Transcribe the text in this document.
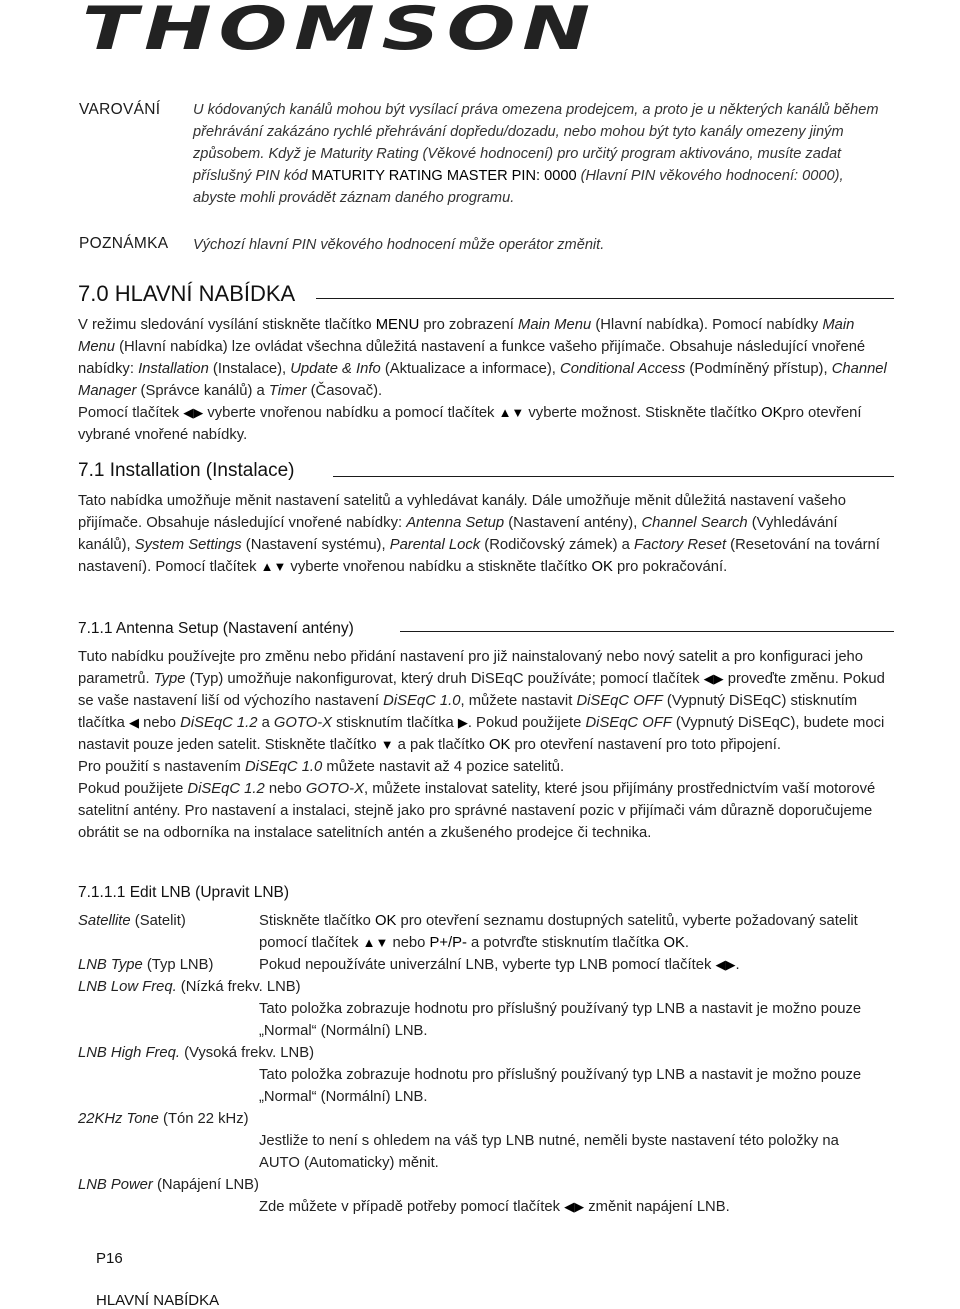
THOMSON
VAROVÁNÍ U kódovaných kanálů mohou být vysílací práva omezena prodejcem, a proto je u některých kanálů během přehrávání zakázáno rychlé přehrávání dopředu/dozadu, nebo mohou být tyto kanály omezeny jiným způsobem. Když je Maturity Rating (Věkové hodnocení) pro určitý program aktivováno, musíte zadat příslušný PIN kód MATURITY RATING MASTER PIN: 0000 (Hlavní PIN věkového hodnocení: 0000), abyste mohli provádět záznam daného programu.
POZNÁMKA Výchozí hlavní PIN věkového hodnocení může operátor změnit.
7.0 HLAVNÍ NABÍDKA

V režimu sledování vysílání stiskněte tlačítko MENU pro zobrazení Main Menu (Hlavní nabídka). Pomocí nabídky Main Menu (Hlavní nabídka) lze ovládat všechna důležitá nastavení a funkce vašeho přijímače. Obsahuje následující vnořené nabídky: Installation (Instalace), Update & Info (Aktualizace a informace), Conditional Access (Podmíněný přístup), Channel Manager (Správce kanálů) a Timer (Časovač).

Pomocí tlačítek ◀▶ vyberte vnořenou nabídku a pomocí tlačítek ▲▼ vyberte možnost. Stiskněte tlačítko OKpro otevření vybrané vnořené nabídky.

7.1 Installation (Instalace)

Tato nabídka umožňuje měnit nastavení satelitů a vyhledávat kanály. Dále umožňuje měnit důležitá nastavení vašeho přijímače. Obsahuje následující vnořené nabídky: Antenna Setup (Nastavení antény), Channel Search (Vyhledávání kanálů), System Settings (Nastavení systému), Parental Lock (Rodičovský zámek) a Factory Reset (Resetování na tovární nastavení). Pomocí tlačítek ▲▼ vyberte vnořenou nabídku a stiskněte tlačítko OK pro pokračování.

7.1.1 Antenna Setup (Nastavení antény)

Tuto nabídku používejte pro změnu nebo přidání nastavení pro již nainstalovaný nebo nový satelit a pro konfiguraci jeho parametrů. Type (Typ) umožňuje nakonfigurovat, který druh DiSEqC používáte; pomocí tlačítek ◀▶ proveďte změnu. Pokud se vaše nastavení liší od výchozího nastavení DiSEqC 1.0, můžete nastavit DiSEqC OFF (Vypnutý DiSEqC) stisknutím tlačítka ◀ nebo DiSEqC 1.2 a GOTO-X stisknutím tlačítka ▶. Pokud použijete DiSEqC OFF (Vypnutý DiSEqC), budete moci nastavit pouze jeden satelit. Stiskněte tlačítko ▼ a pak tlačítko OK pro otevření nastavení pro toto připojení.

Pro použití s nastavením DiSEqC 1.0 můžete nastavit až 4 pozice satelitů.

Pokud použijete DiSEqC 1.2 nebo GOTO-X, můžete instalovat satelity, které jsou přijímány prostřednictvím vaší motorové satelitní antény. Pro nastavení a instalaci, stejně jako pro správné nastavení pozic v přijímači vám důrazně doporučujeme obrátit se na odborníka na instalace satelitních antén a zkušeného prodejce či technika.

7.1.1.1 Edit LNB (Upravit LNB)
Satellite (Satelit)	Stiskněte tlačítko OK pro otevření seznamu dostupných satelitů, vyberte požadovaný satelit pomocí tlačítek ▲▼ nebo P+/P- a potvrďte stisknutím tlačítka OK.
LNB Type (Typ LNB)	Pokud nepoužíváte univerzální LNB, vyberte typ LNB pomocí tlačítek ◀▶.
LNB Low Freq. (Nízká frekv. LNB)
Tato položka zobrazuje hodnotu pro příslušný používaný typ LNB a nastavit je možno pouze „Normal“ (Normální) LNB.
LNB High Freq. (Vysoká frekv. LNB)
Tato položka zobrazuje hodnotu pro příslušný používaný typ LNB a nastavit je možno pouze „Normal“ (Normální) LNB.
22KHz Tone (Tón 22 kHz)
Jestliže to není s ohledem na váš typ LNB nutné, neměli byste nastavení této položky na AUTO (Automaticky) měnit.
LNB Power (Napájení LNB)
Zde můžete v případě potřeby pomocí tlačítek ◀▶ změnit napájení LNB.
P16
HLAVNÍ NABÍDKA
